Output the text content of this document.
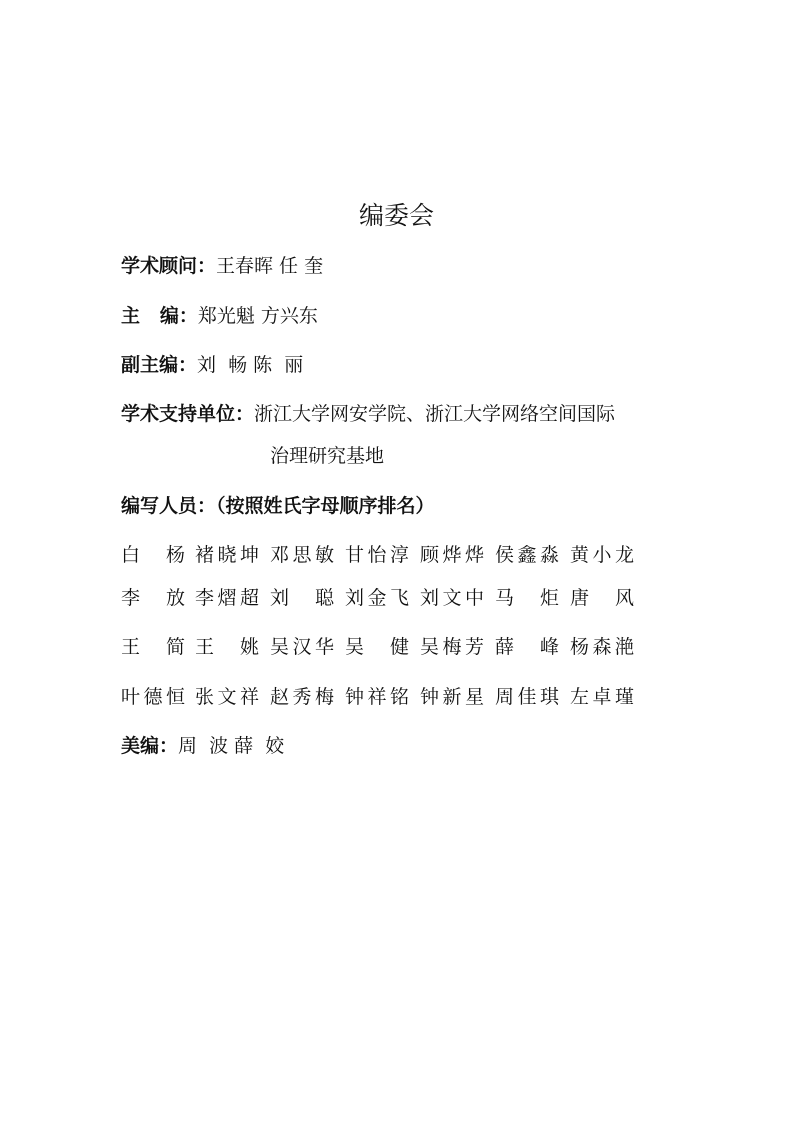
编委会
学术顾问：王春晖 任 奎
主   编：郑光魁 方兴东
副主编：刘  畅 陈  丽
学术支持单位：浙江大学网安学院、浙江大学网络空间国际
治理研究基地
编写人员：（按照姓氏字母顺序排名）
白 杨 褚晓坤 邓思敏 甘怡淳 顾烨烨 侯鑫淼 黄小龙
李 放 李熠超 刘 聪 刘金飞 刘文中 马 炬 唐 风
王 简 王 姚 吴汉华 吴 健 吴梅芳 薛 峰 杨森滟
叶德恒 张文祥 赵秀梅 钟祥铭 钟新星 周佳琪 左卓瑾
美编：周  波 薛  姣
